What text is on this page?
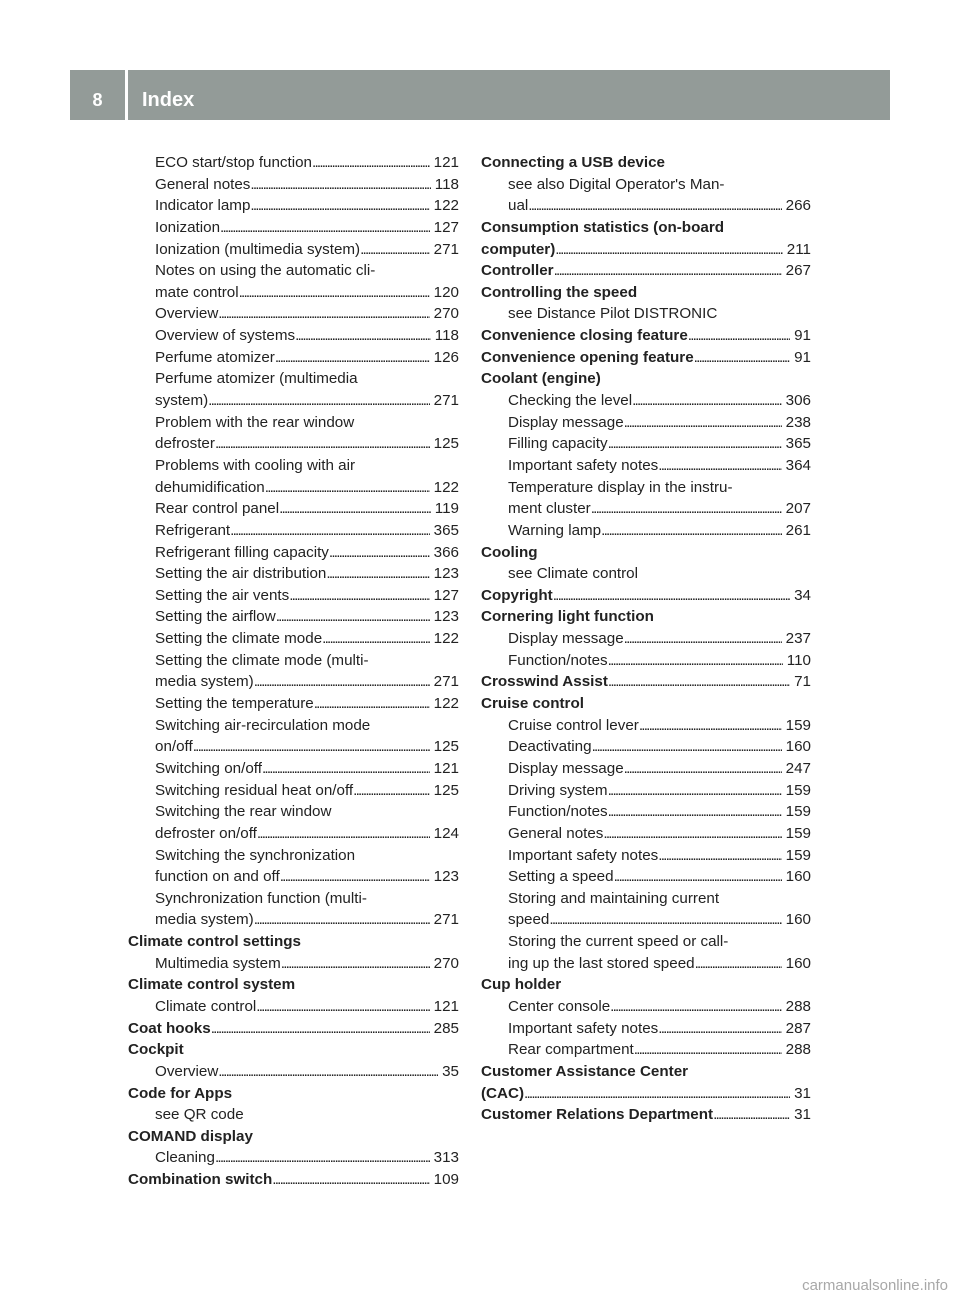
8	Index
ECO start/stop function . . .	121
General notes . . .	118
Indicator lamp . . .	122
Ionization . . .	127
Ionization (multimedia system) . . .	271
Notes on using the automatic cli-
mate control . . .	120
Overview . . .	270
Overview of systems . . .	118
Perfume atomizer . . .	126
Perfume atomizer (multimedia
system) . . .	271
Problem with the rear window
defroster . . .	125
Problems with cooling with air
dehumidification . . .	122
Rear control panel . . .	119
Refrigerant . . .	365
Refrigerant filling capacity . . .	366
Setting the air distribution . . .	123
Setting the air vents . . .	127
Setting the airflow . . .	123
Setting the climate mode . . .	122
Setting the climate mode (multi-
media system) . . .	271
Setting the temperature . . .	122
Switching air-recirculation mode
on/off . . .	125
Switching on/off . . .	121
Switching residual heat on/off . . .	125
Switching the rear window
defroster on/off . . .	124
Switching the synchronization
function on and off . . .	123
Synchronization function (multi-
media system) . . .	271
Climate control settings
Multimedia system . . .	270
Climate control system
Climate control . . .	121
Coat hooks . . .	285
Cockpit
Overview . . .	35
Code for Apps
see QR code
COMAND display
Cleaning . . .	313
Combination switch . . .	109
Connecting a USB device
see also Digital Operator's Man-
ual . . .	266
Consumption statistics (on-board
computer) . . .	211
Controller . . .	267
Controlling the speed
see Distance Pilot DISTRONIC
Convenience closing feature . . .	91
Convenience opening feature . . .	91
Coolant (engine)
Checking the level . . .	306
Display message . . .	238
Filling capacity . . .	365
Important safety notes . . .	364
Temperature display in the instru-
ment cluster . . .	207
Warning lamp . . .	261
Cooling
see Climate control
Copyright . . .	34
Cornering light function
Display message . . .	237
Function/notes . . .	110
Crosswind Assist . . .	71
Cruise control
Cruise control lever . . .	159
Deactivating . . .	160
Display message . . .	247
Driving system . . .	159
Function/notes . . .	159
General notes . . .	159
Important safety notes . . .	159
Setting a speed . . .	160
Storing and maintaining current
speed . . .	160
Storing the current speed or call-
ing up the last stored speed . . .	160
Cup holder
Center console . . .	288
Important safety notes . . .	287
Rear compartment . . .	288
Customer Assistance Center
(CAC) . . .	31
Customer Relations Department . . .	31
carmanualsonline.info
